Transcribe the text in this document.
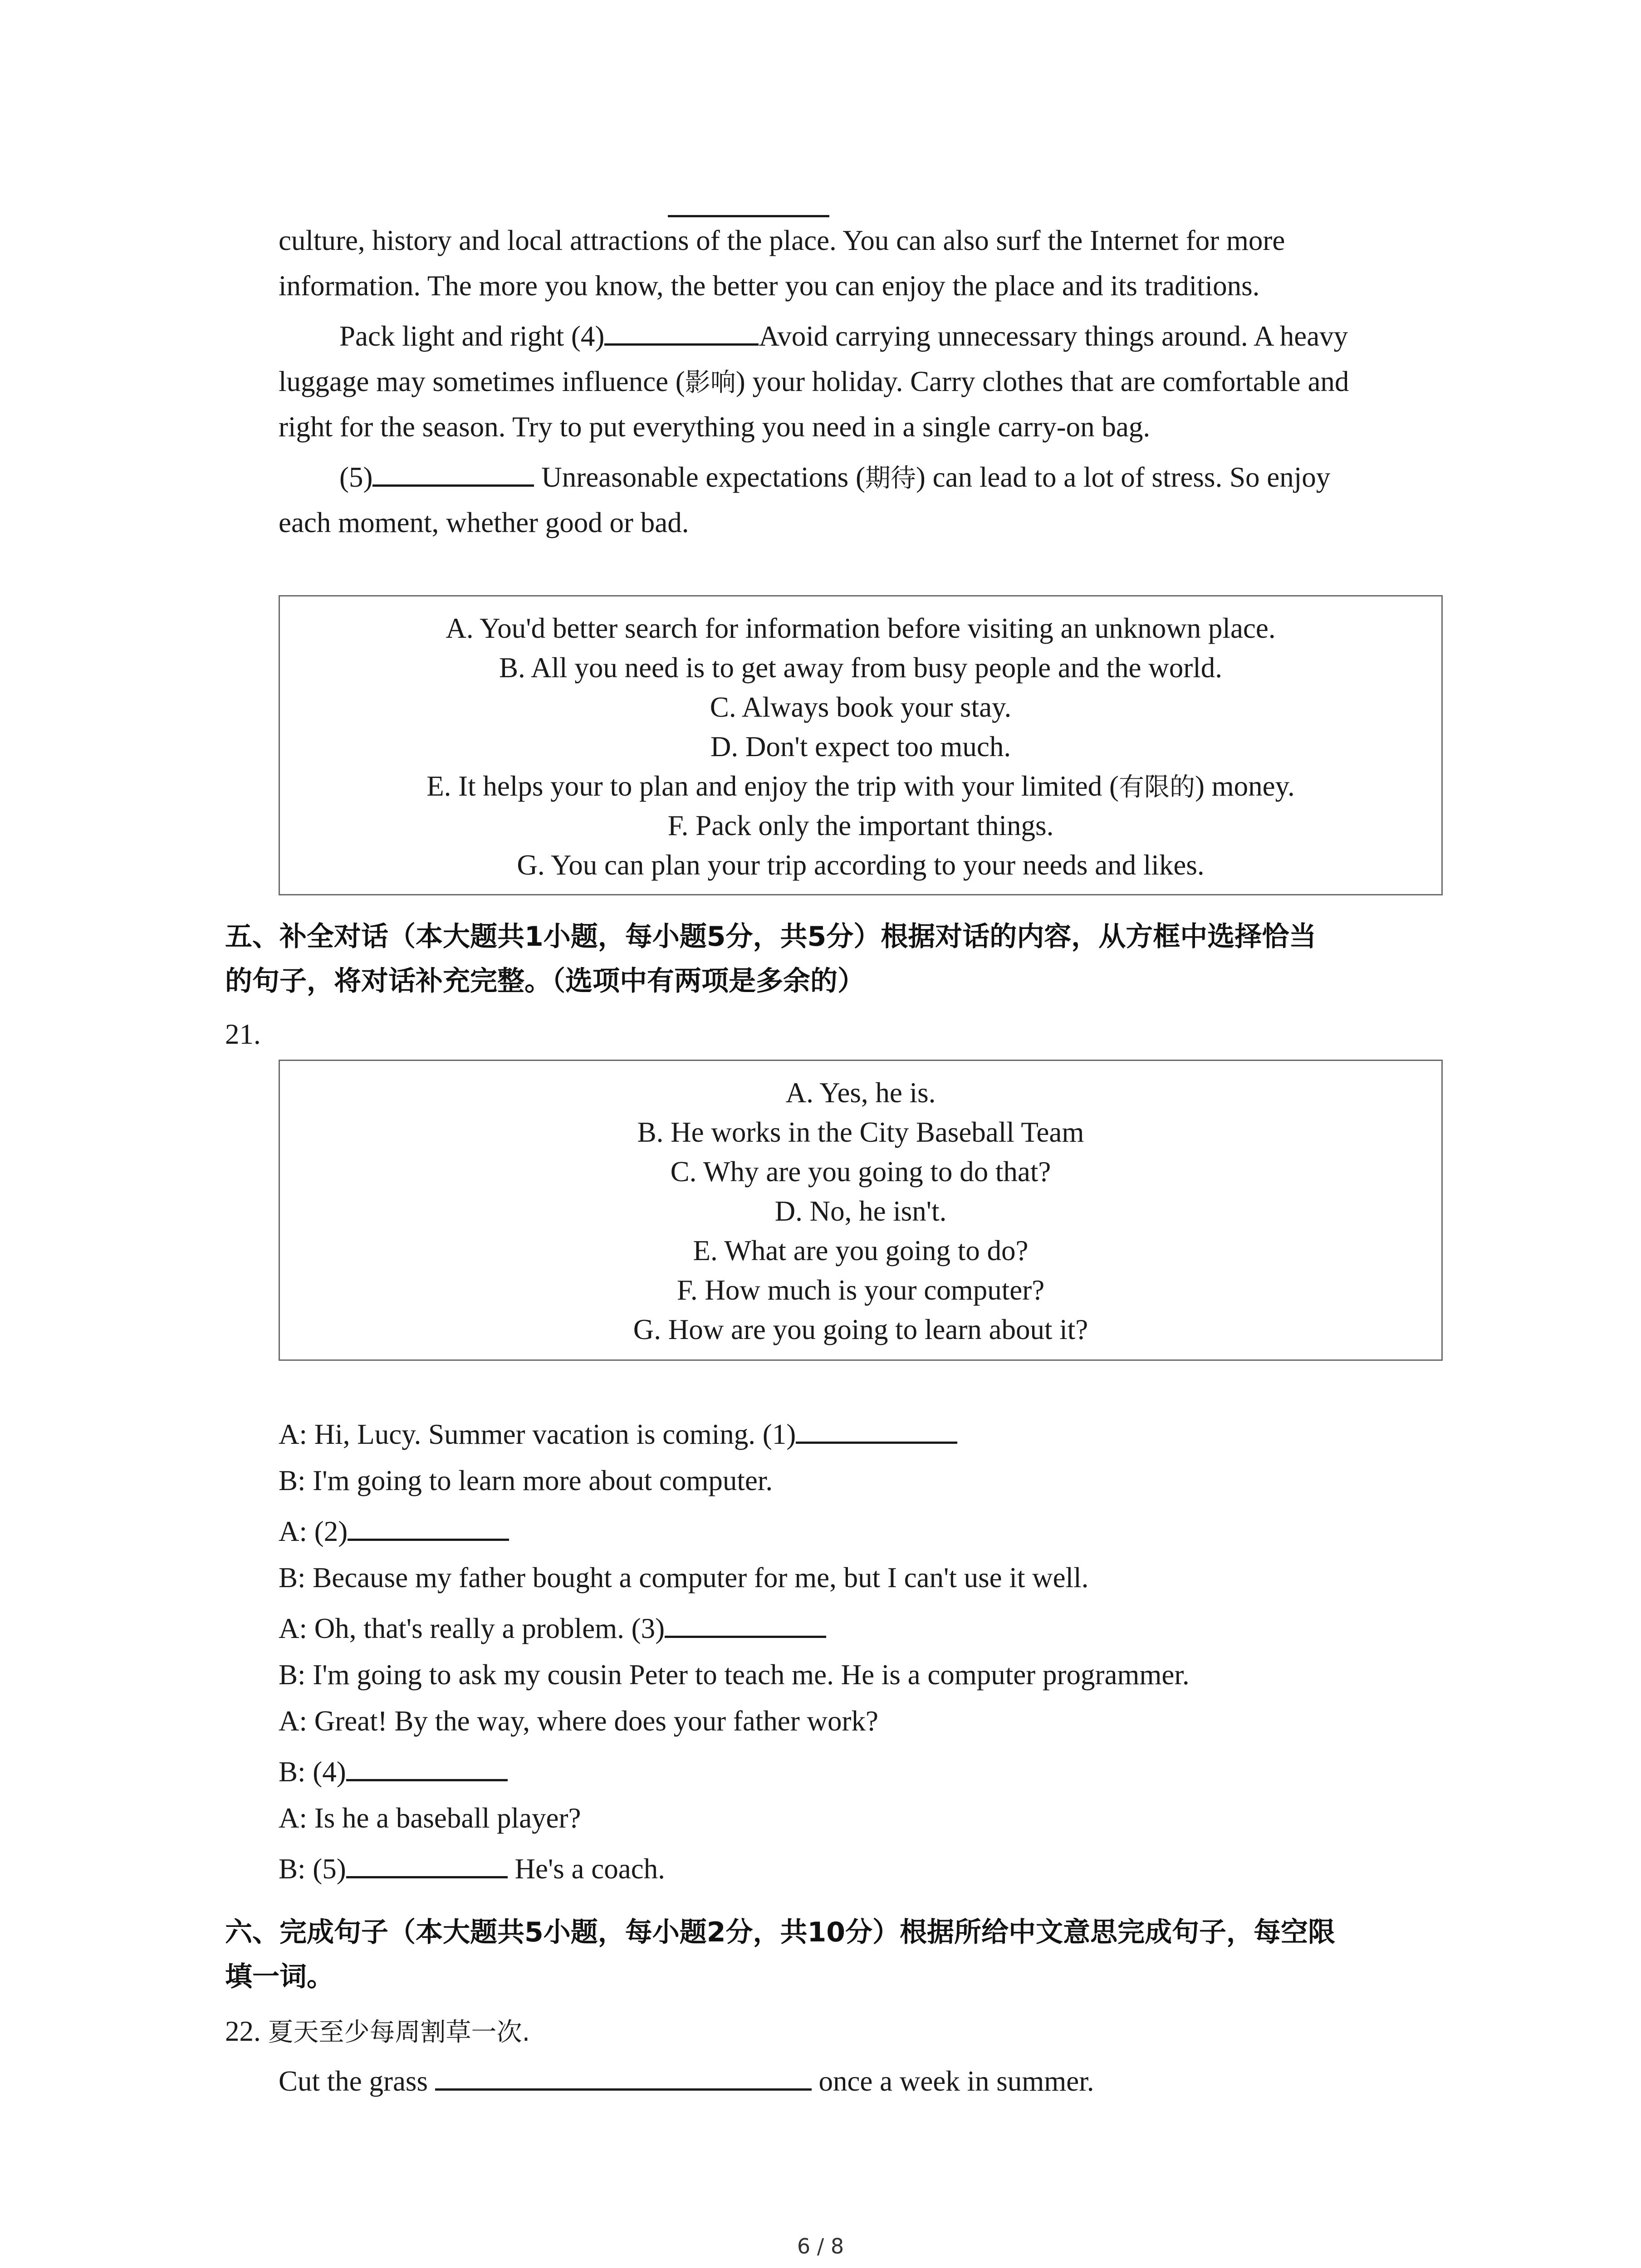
culture, history and local attractions of the place. You can also surf the Internet for more
information. The more you know, the better you can enjoy the place and its traditions.
Pack light and right (4)	Avoid carrying unnecessary things around. A heavy
luggage may sometimes influence (影响) your holiday. Carry clothes that are comfortable and
right for the season. Try to put everything you need in a single carry-on bag.
(5)	Unreasonable expectations (期待) can lead to a lot of stress. So enjoy
each moment, whether good or bad.
A. You'd better search for information before visiting an unknown place.
B. All you need is to get away from busy people and the world.
C. Always book your stay.
D. Don't expect too much.
E. It helps your to plan and enjoy the trip with your limited (有限的) money.
F. Pack only the important things.
G. You can plan your trip according to your needs and likes.
五、补全对话（本大题共1小题，每小题5分，共5分）根据对话的内容，从方框中选择恰当
的句子，将对话补充完整。（选项中有两项是多余的）
21.
A. Yes, he is.
B. He works in the City Baseball Team
C. Why are you going to do that?
D. No, he isn't.
E. What are you going to do?
F. How much is your computer?
G. How are you going to learn about it?
A: Hi, Lucy. Summer vacation is coming. (1)
B: I'm going to learn more about computer.
A: (2)
B: Because my father bought a computer for me, but I can't use it well.
A: Oh, that's really a problem. (3)
B: I'm going to ask my cousin Peter to teach me. He is a computer programmer.
A: Great! By the way, where does your father work?
B: (4)
A: Is he a baseball player?
B: (5)	He's a coach.
六、完成句子（本大题共5小题，每小题2分，共10分）根据所给中文意思完成句子，每空限
填一词。
22. 夏天至少每周割草一次.
Cut the grass	once a week in summer.
6 / 8
